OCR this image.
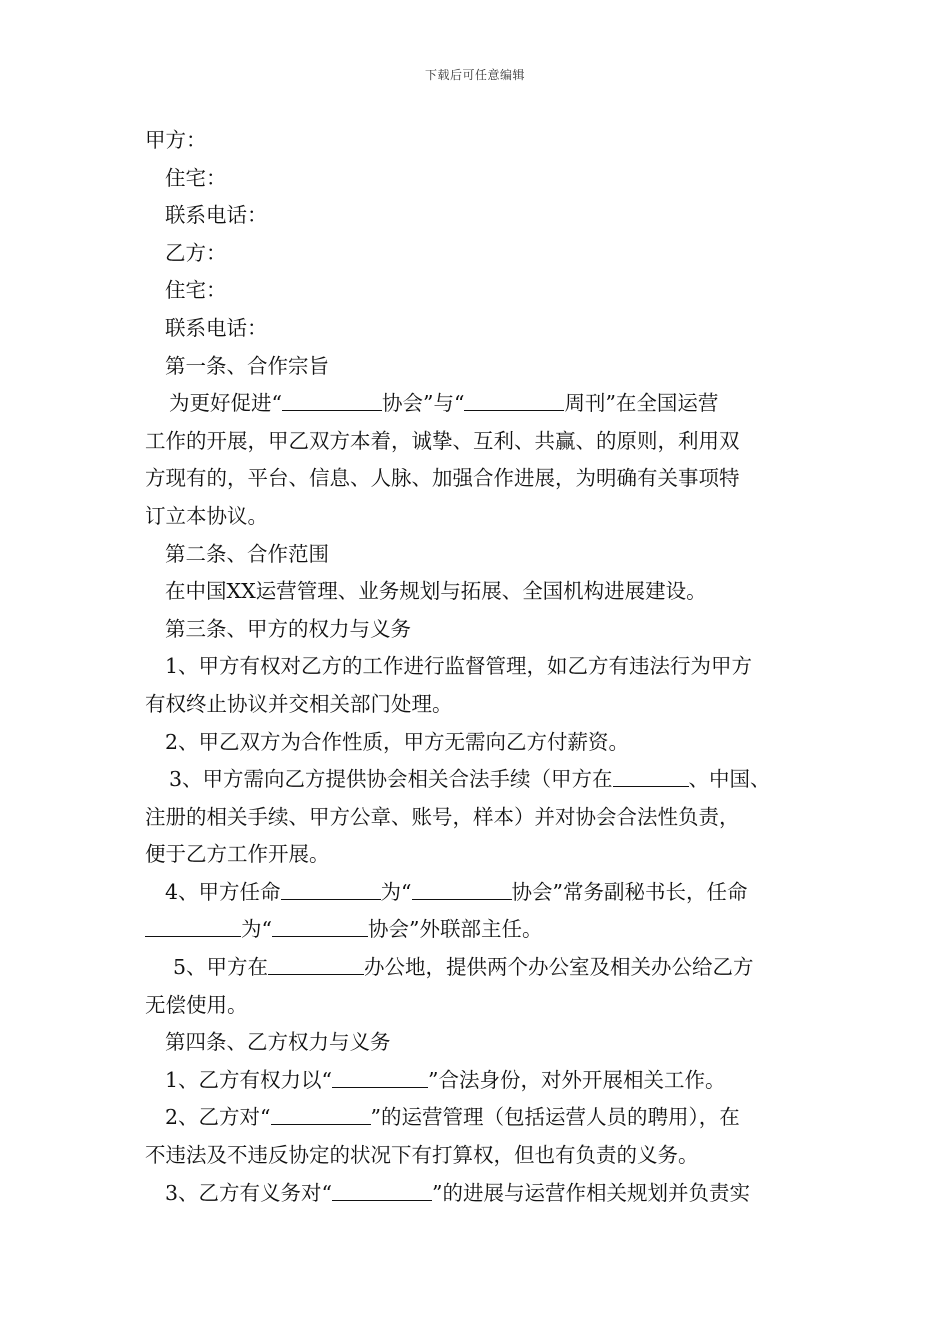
下载后可任意编辑
甲方：
住宅：
联系电话：
乙方：
住宅：
联系电话：
第一条、合作宗旨
为更好促进“	协会”与“	周刊”在全国运营
工作的开展，甲乙双方本着，诚挚、互利、共赢、的原则，利用双
方现有的，平台、信息、人脉、加强合作进展，为明确有关事项特
订立本协议。
第二条、合作范围
在中国XX运营管理、业务规划与拓展、全国机构进展建设。
第三条、甲方的权力与义务
1、甲方有权对乙方的工作进行监督管理，如乙方有违法行为甲方
有权终止协议并交相关部门处理。
2、甲乙双方为合作性质，甲方无需向乙方付薪资。
3、甲方需向乙方提供协会相关合法手续（甲方在	、中国、
注册的相关手续、甲方公章、账号，样本）并对协会合法性负责，
便于乙方工作开展。
4、甲方任命	为“	协会”常务副秘书长，任命
为“	协会”外联部主任。
5、甲方在	办公地，提供两个办公室及相关办公给乙方
无偿使用。
第四条、乙方权力与义务
1、乙方有权力以“	”合法身份，对外开展相关工作。
2、乙方对“	”的运营管理（包括运营人员的聘用），在
不违法及不违反协定的状况下有打算权，但也有负责的义务。
3、乙方有义务对“	”的进展与运营作相关规划并负责实
